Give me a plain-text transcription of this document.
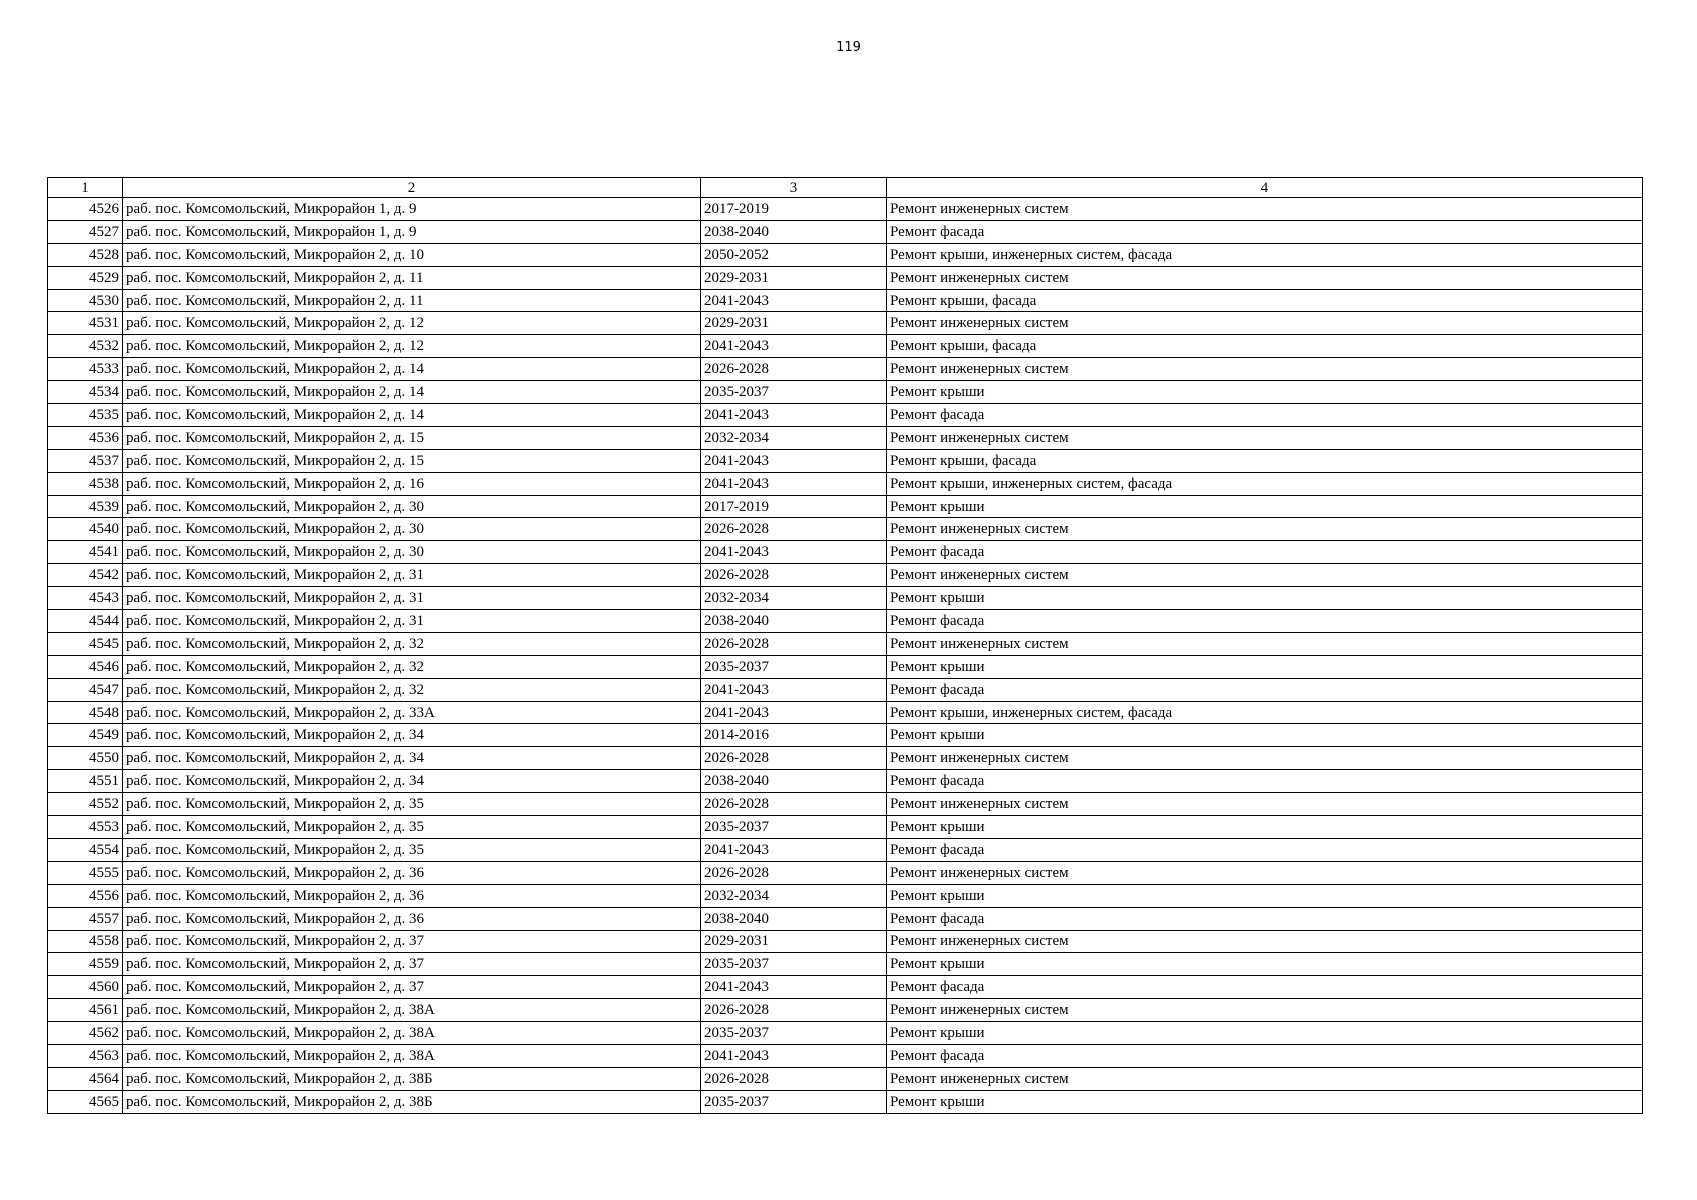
119
1	2	3	4
4526	раб. пос. Комсомольский, Микрорайон 1, д. 9	2017-2019	Ремонт инженерных систем
4527	раб. пос. Комсомольский, Микрорайон 1, д. 9	2038-2040	Ремонт фасада
4528	раб. пос. Комсомольский, Микрорайон 2, д. 10	2050-2052	Ремонт крыши, инженерных систем, фасада
4529	раб. пос. Комсомольский, Микрорайон 2, д. 11	2029-2031	Ремонт инженерных систем
4530	раб. пос. Комсомольский, Микрорайон 2, д. 11	2041-2043	Ремонт крыши, фасада
4531	раб. пос. Комсомольский, Микрорайон 2, д. 12	2029-2031	Ремонт инженерных систем
4532	раб. пос. Комсомольский, Микрорайон 2, д. 12	2041-2043	Ремонт крыши, фасада
4533	раб. пос. Комсомольский, Микрорайон 2, д. 14	2026-2028	Ремонт инженерных систем
4534	раб. пос. Комсомольский, Микрорайон 2, д. 14	2035-2037	Ремонт крыши
4535	раб. пос. Комсомольский, Микрорайон 2, д. 14	2041-2043	Ремонт фасада
4536	раб. пос. Комсомольский, Микрорайон 2, д. 15	2032-2034	Ремонт инженерных систем
4537	раб. пос. Комсомольский, Микрорайон 2, д. 15	2041-2043	Ремонт крыши, фасада
4538	раб. пос. Комсомольский, Микрорайон 2, д. 16	2041-2043	Ремонт крыши, инженерных систем, фасада
4539	раб. пос. Комсомольский, Микрорайон 2, д. 30	2017-2019	Ремонт крыши
4540	раб. пос. Комсомольский, Микрорайон 2, д. 30	2026-2028	Ремонт инженерных систем
4541	раб. пос. Комсомольский, Микрорайон 2, д. 30	2041-2043	Ремонт фасада
4542	раб. пос. Комсомольский, Микрорайон 2, д. 31	2026-2028	Ремонт инженерных систем
4543	раб. пос. Комсомольский, Микрорайон 2, д. 31	2032-2034	Ремонт крыши
4544	раб. пос. Комсомольский, Микрорайон 2, д. 31	2038-2040	Ремонт фасада
4545	раб. пос. Комсомольский, Микрорайон 2, д. 32	2026-2028	Ремонт инженерных систем
4546	раб. пос. Комсомольский, Микрорайон 2, д. 32	2035-2037	Ремонт крыши
4547	раб. пос. Комсомольский, Микрорайон 2, д. 32	2041-2043	Ремонт фасада
4548	раб. пос. Комсомольский, Микрорайон 2, д. 33А	2041-2043	Ремонт крыши, инженерных систем, фасада
4549	раб. пос. Комсомольский, Микрорайон 2, д. 34	2014-2016	Ремонт крыши
4550	раб. пос. Комсомольский, Микрорайон 2, д. 34	2026-2028	Ремонт инженерных систем
4551	раб. пос. Комсомольский, Микрорайон 2, д. 34	2038-2040	Ремонт фасада
4552	раб. пос. Комсомольский, Микрорайон 2, д. 35	2026-2028	Ремонт инженерных систем
4553	раб. пос. Комсомольский, Микрорайон 2, д. 35	2035-2037	Ремонт крыши
4554	раб. пос. Комсомольский, Микрорайон 2, д. 35	2041-2043	Ремонт фасада
4555	раб. пос. Комсомольский, Микрорайон 2, д. 36	2026-2028	Ремонт инженерных систем
4556	раб. пос. Комсомольский, Микрорайон 2, д. 36	2032-2034	Ремонт крыши
4557	раб. пос. Комсомольский, Микрорайон 2, д. 36	2038-2040	Ремонт фасада
4558	раб. пос. Комсомольский, Микрорайон 2, д. 37	2029-2031	Ремонт инженерных систем
4559	раб. пос. Комсомольский, Микрорайон 2, д. 37	2035-2037	Ремонт крыши
4560	раб. пос. Комсомольский, Микрорайон 2, д. 37	2041-2043	Ремонт фасада
4561	раб. пос. Комсомольский, Микрорайон 2, д. 38А	2026-2028	Ремонт инженерных систем
4562	раб. пос. Комсомольский, Микрорайон 2, д. 38А	2035-2037	Ремонт крыши
4563	раб. пос. Комсомольский, Микрорайон 2, д. 38А	2041-2043	Ремонт фасада
4564	раб. пос. Комсомольский, Микрорайон 2, д. 38Б	2026-2028	Ремонт инженерных систем
4565	раб. пос. Комсомольский, Микрорайон 2, д. 38Б	2035-2037	Ремонт крыши
